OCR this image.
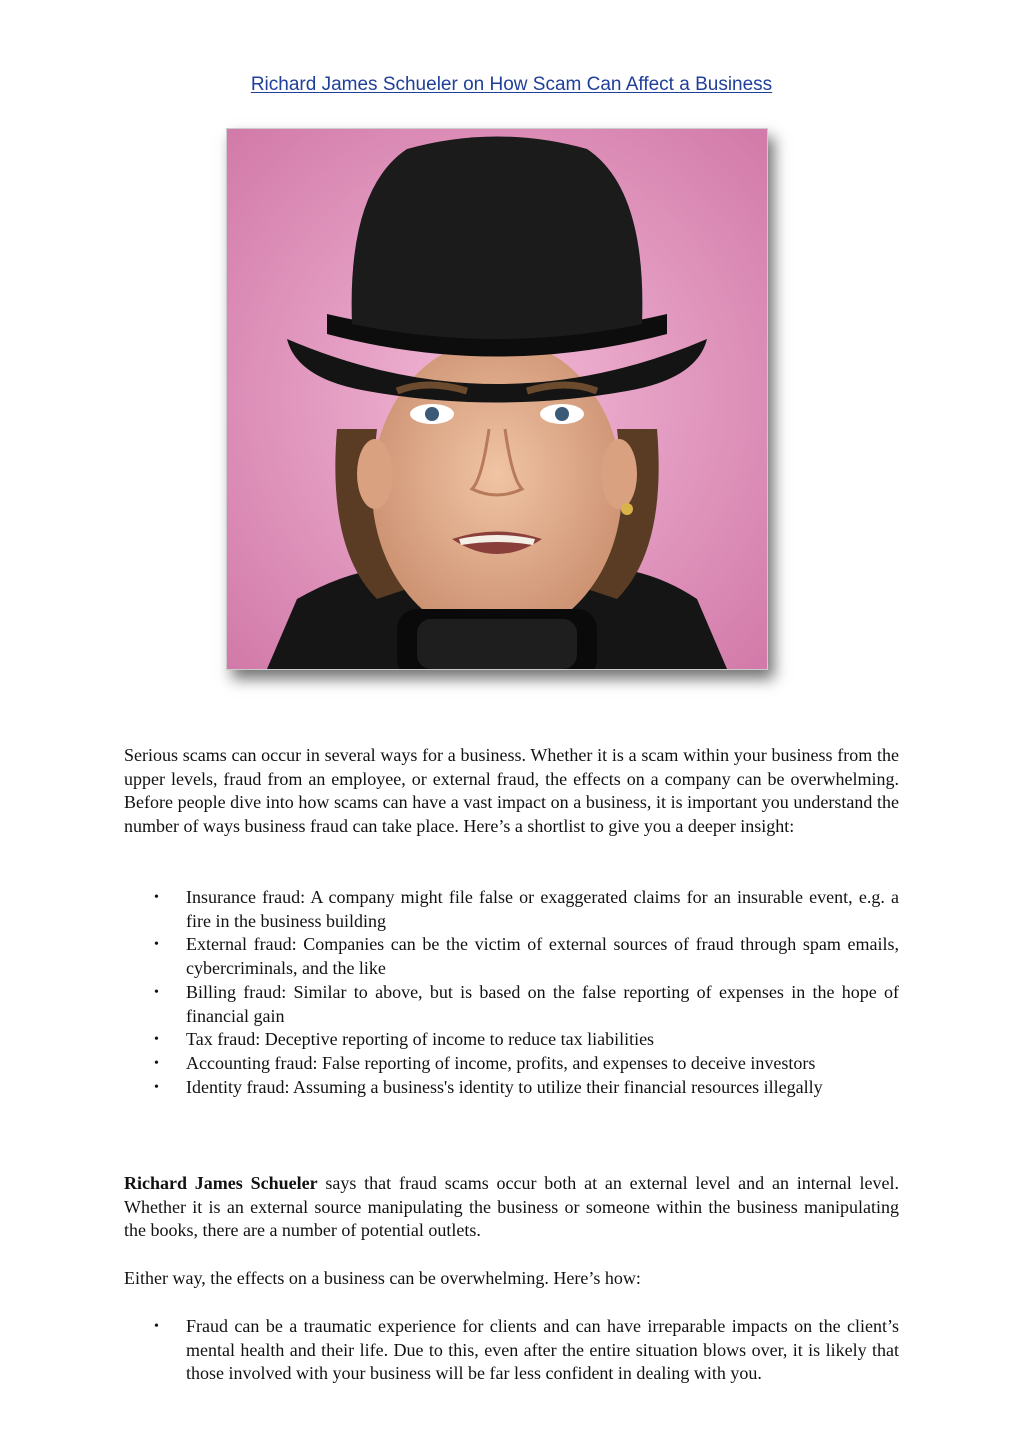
Richard James Schueler on How Scam Can Affect a Business

Serious scams can occur in several ways for a business. Whether it is a scam within your business from the upper levels, fraud from an employee, or external fraud, the effects on a company can be overwhelming. Before people dive into how scams can have a vast impact on a business, it is important you understand the number of ways business fraud can take place. Here’s a shortlist to give you a deeper insight:

• Insurance fraud: A company might file false or exaggerated claims for an insurable event, e.g. a fire in the business building
• External fraud: Companies can be the victim of external sources of fraud through spam emails, cybercriminals, and the like
• Billing fraud: Similar to above, but is based on the false reporting of expenses in the hope of financial gain
• Tax fraud: Deceptive reporting of income to reduce tax liabilities
• Accounting fraud: False reporting of income, profits, and expenses to deceive investors
• Identity fraud: Assuming a business's identity to utilize their financial resources illegally

Richard James Schueler says that fraud scams occur both at an external level and an internal level. Whether it is an external source manipulating the business or someone within the business manipulating the books, there are a number of potential outlets.

Either way, the effects on a business can be overwhelming. Here’s how:

• Fraud can be a traumatic experience for clients and can have irreparable impacts on the client’s mental health and their life. Due to this, even after the entire situation blows over, it is likely that those involved with your business will be far less confident in dealing with you.
